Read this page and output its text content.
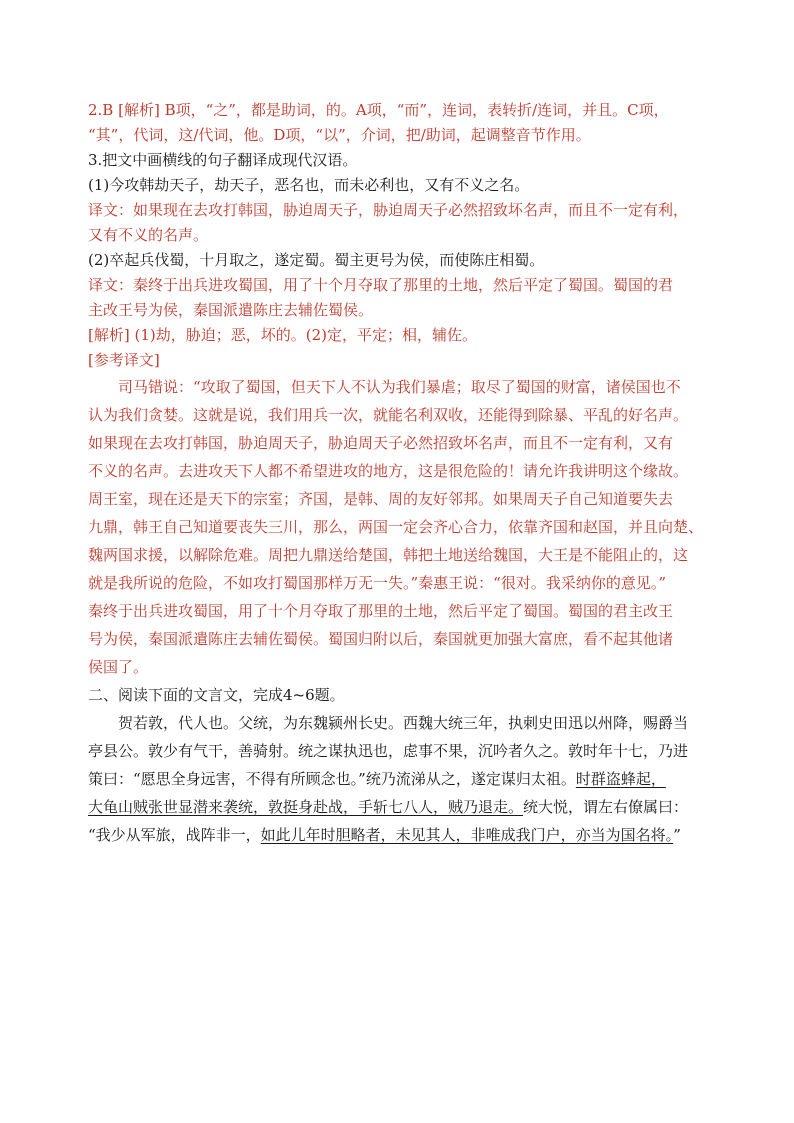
2.B [解析] B项，“之”，都是助词，的。A项，“而”，连词，表转折/连词，并且。C项，
“其”，代词，这/代词，他。D项，“以”，介词，把/助词，起调整音节作用。
3.把文中画横线的句子翻译成现代汉语。
(1)今攻韩劫天子，劫天子，恶名也，而未必利也，又有不义之名。
译文：如果现在去攻打韩国，胁迫周天子，胁迫周天子必然招致坏名声，而且不一定有利，
又有不义的名声。
(2)卒起兵伐蜀，十月取之，遂定蜀。蜀主更号为侯，而使陈庄相蜀。
译文：秦终于出兵进攻蜀国，用了十个月夺取了那里的土地，然后平定了蜀国。蜀国的君
主改王号为侯，秦国派遣陈庄去辅佐蜀侯。
[解析] (1)劫，胁迫；恶，坏的。(2)定，平定；相，辅佐。
[参考译文]
司马错说：“攻取了蜀国，但天下人不认为我们暴虐；取尽了蜀国的财富，诸侯国也不
认为我们贪婪。这就是说，我们用兵一次，就能名利双收，还能得到除暴、平乱的好名声。
如果现在去攻打韩国，胁迫周天子，胁迫周天子必然招致坏名声，而且不一定有利，又有
不义的名声。去进攻天下人都不希望进攻的地方，这是很危险的！请允许我讲明这个缘故。
周王室，现在还是天下的宗室；齐国，是韩、周的友好邻邦。如果周天子自己知道要失去
九鼎，韩王自己知道要丧失三川，那么，两国一定会齐心合力，依靠齐国和赵国，并且向楚、
魏两国求援，以解除危难。周把九鼎送给楚国，韩把土地送给魏国，大王是不能阻止的，这
就是我所说的危险，不如攻打蜀国那样万无一失。”秦惠王说：“很对。我采纳你的意见。”
秦终于出兵进攻蜀国，用了十个月夺取了那里的土地，然后平定了蜀国。蜀国的君主改王
号为侯，秦国派遣陈庄去辅佐蜀侯。蜀国归附以后，秦国就更加强大富庶，看不起其他诸
侯国了。
二、阅读下面的文言文，完成4~6题。
贺若敦，代人也。父统，为东魏颍州长史。西魏大统三年，执刺史田迅以州降，赐爵当
亭县公。敦少有气干，善骑射。统之谋执迅也，虑事不果，沉吟者久之。敦时年十七，乃进
策曰：“愿思全身远害，不得有所顾念也。”统乃流涕从之，遂定谋归太祖。时群盗蜂起，
大龟山贼张世显潜来袭统，敦挺身赴战，手斩七八人，贼乃退走。统大悦，谓左右僚属曰：
“我少从军旅，战阵非一，如此儿年时胆略者，未见其人，非唯成我门户，亦当为国名将。”
